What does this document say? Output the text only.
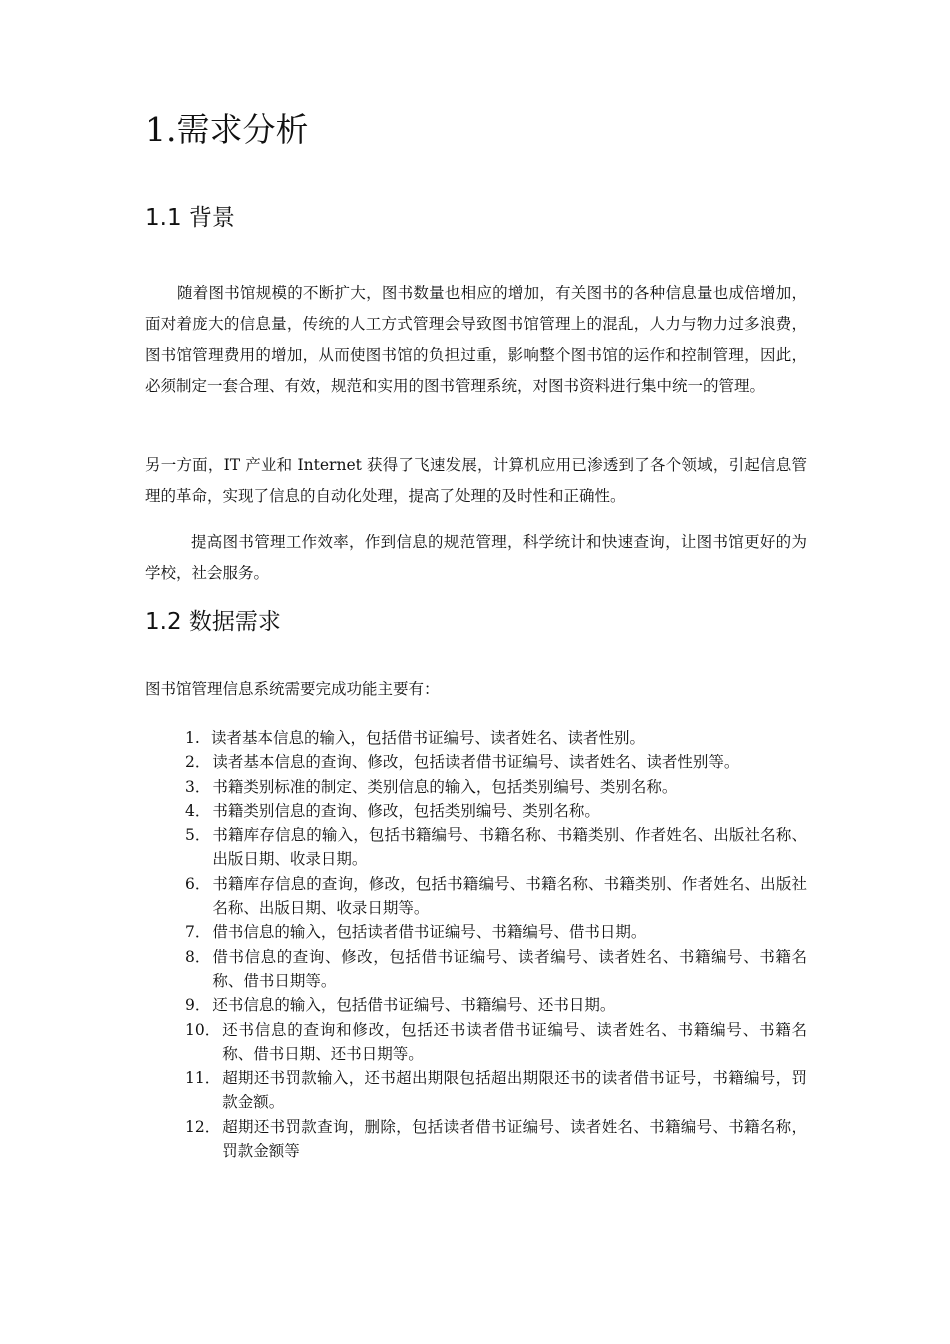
1.需求分析
1.1 背景

随着图书馆规模的不断扩大，图书数量也相应的增加，有关图书的各种信息量也成倍增加，面对着庞大的信息量，传统的人工方式管理会导致图书馆管理上的混乱，人力与物力过多浪费，图书馆管理费用的增加，从而使图书馆的负担过重，影响整个图书馆的运作和控制管理，因此，必须制定一套合理、有效，规范和实用的图书管理系统，对图书资料进行集中统一的管理。

另一方面，IT 产业和 Internet 获得了飞速发展，计算机应用已渗透到了各个领域，引起信息管理的革命，实现了信息的自动化处理，提高了处理的及时性和正确性。

提高图书管理工作效率，作到信息的规范管理，科学统计和快速查询，让图书馆更好的为学校，社会服务。

1.2 数据需求
图书馆管理信息系统需要完成功能主要有：
1. 读者基本信息的输入，包括借书证编号、读者姓名、读者性别。
2． 读者基本信息的查询、修改，包括读者借书证编号、读者姓名、读者性别等。
3． 书籍类别标准的制定、类别信息的输入，包括类别编号、类别名称。
4． 书籍类别信息的查询、修改，包括类别编号、类别名称。
5． 书籍库存信息的输入，包括书籍编号、书籍名称、书籍类别、作者姓名、出版社名称、出版日期、收录日期。
6． 书籍库存信息的查询，修改，包括书籍编号、书籍名称、书籍类别、作者姓名、出版社名称、出版日期、收录日期等。
7． 借书信息的输入，包括读者借书证编号、书籍编号、借书日期。
8． 借书信息的查询、修改，包括借书证编号、读者编号、读者姓名、书籍编号、书籍名称、借书日期等。
9． 还书信息的输入，包括借书证编号、书籍编号、还书日期。
10． 还书信息的查询和修改，包括还书读者借书证编号、读者姓名、书籍编号、书籍名称、借书日期、还书日期等。
11． 超期还书罚款输入，还书超出期限包括超出期限还书的读者借书证号，书籍编号，罚款金额。
12． 超期还书罚款查询，删除，包括读者借书证编号、读者姓名、书籍编号、书籍名称，罚款金额等
